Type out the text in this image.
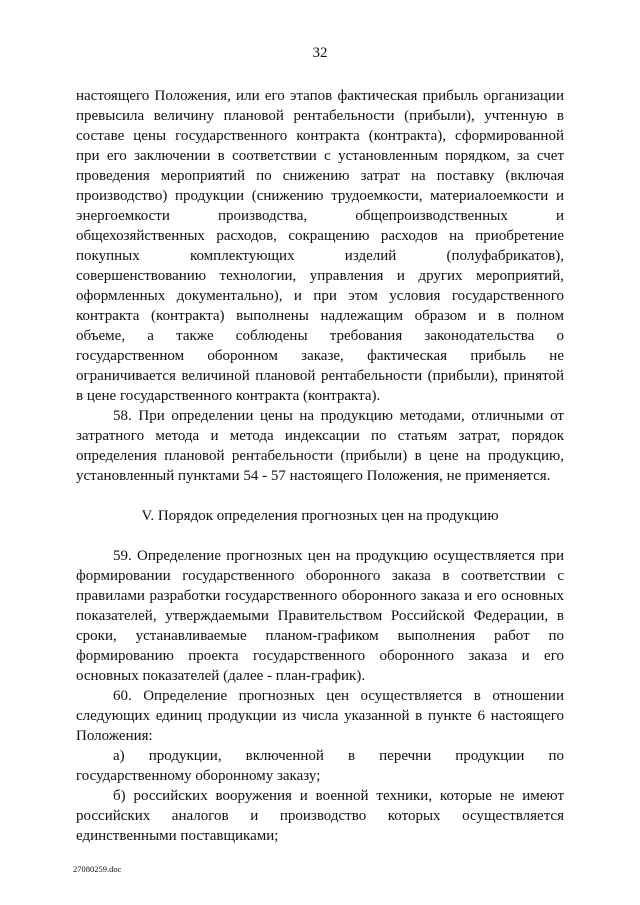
32
настоящего Положения, или его этапов фактическая прибыль организации
превысила величину плановой рентабельности (прибыли), учтенную в
составе цены государственного контракта (контракта), сформированной
при его заключении в соответствии с установленным порядком, за счет
проведения мероприятий по снижению затрат на поставку (включая
производство) продукции (снижению трудоемкости, материалоемкости и
энергоемкости производства, общепроизводственных и
общехозяйственных расходов, сокращению расходов на приобретение
покупных комплектующих изделий (полуфабрикатов),
совершенствованию технологии, управления и других мероприятий,
оформленных документально), и при этом условия государственного
контракта (контракта) выполнены надлежащим образом и в полном
объеме, а также соблюдены требования законодательства о
государственном оборонном заказе, фактическая прибыль не
ограничивается величиной плановой рентабельности (прибыли), принятой
в цене государственного контракта (контракта).
58. При определении цены на продукцию методами, отличными от
затратного метода и метода индексации по статьям затрат, порядок
определения плановой рентабельности (прибыли) в цене на продукцию,
установленный пунктами 54 - 57 настоящего Положения, не применяется.
V. Порядок определения прогнозных цен на продукцию
59. Определение прогнозных цен на продукцию осуществляется при
формировании государственного оборонного заказа в соответствии с
правилами разработки государственного оборонного заказа и его основных
показателей, утверждаемыми Правительством Российской Федерации, в
сроки, устанавливаемые планом-графиком выполнения работ по
формированию проекта государственного оборонного заказа и его
основных показателей (далее - план-график).
60. Определение прогнозных цен осуществляется в отношении
следующих единиц продукции из числа указанной в пункте 6 настоящего
Положения:
а) продукции, включенной в перечни продукции по
государственному оборонному заказу;
б) российских вооружения и военной техники, которые не имеют
российских аналогов и производство которых осуществляется
единственными поставщиками;
27080259.doc
